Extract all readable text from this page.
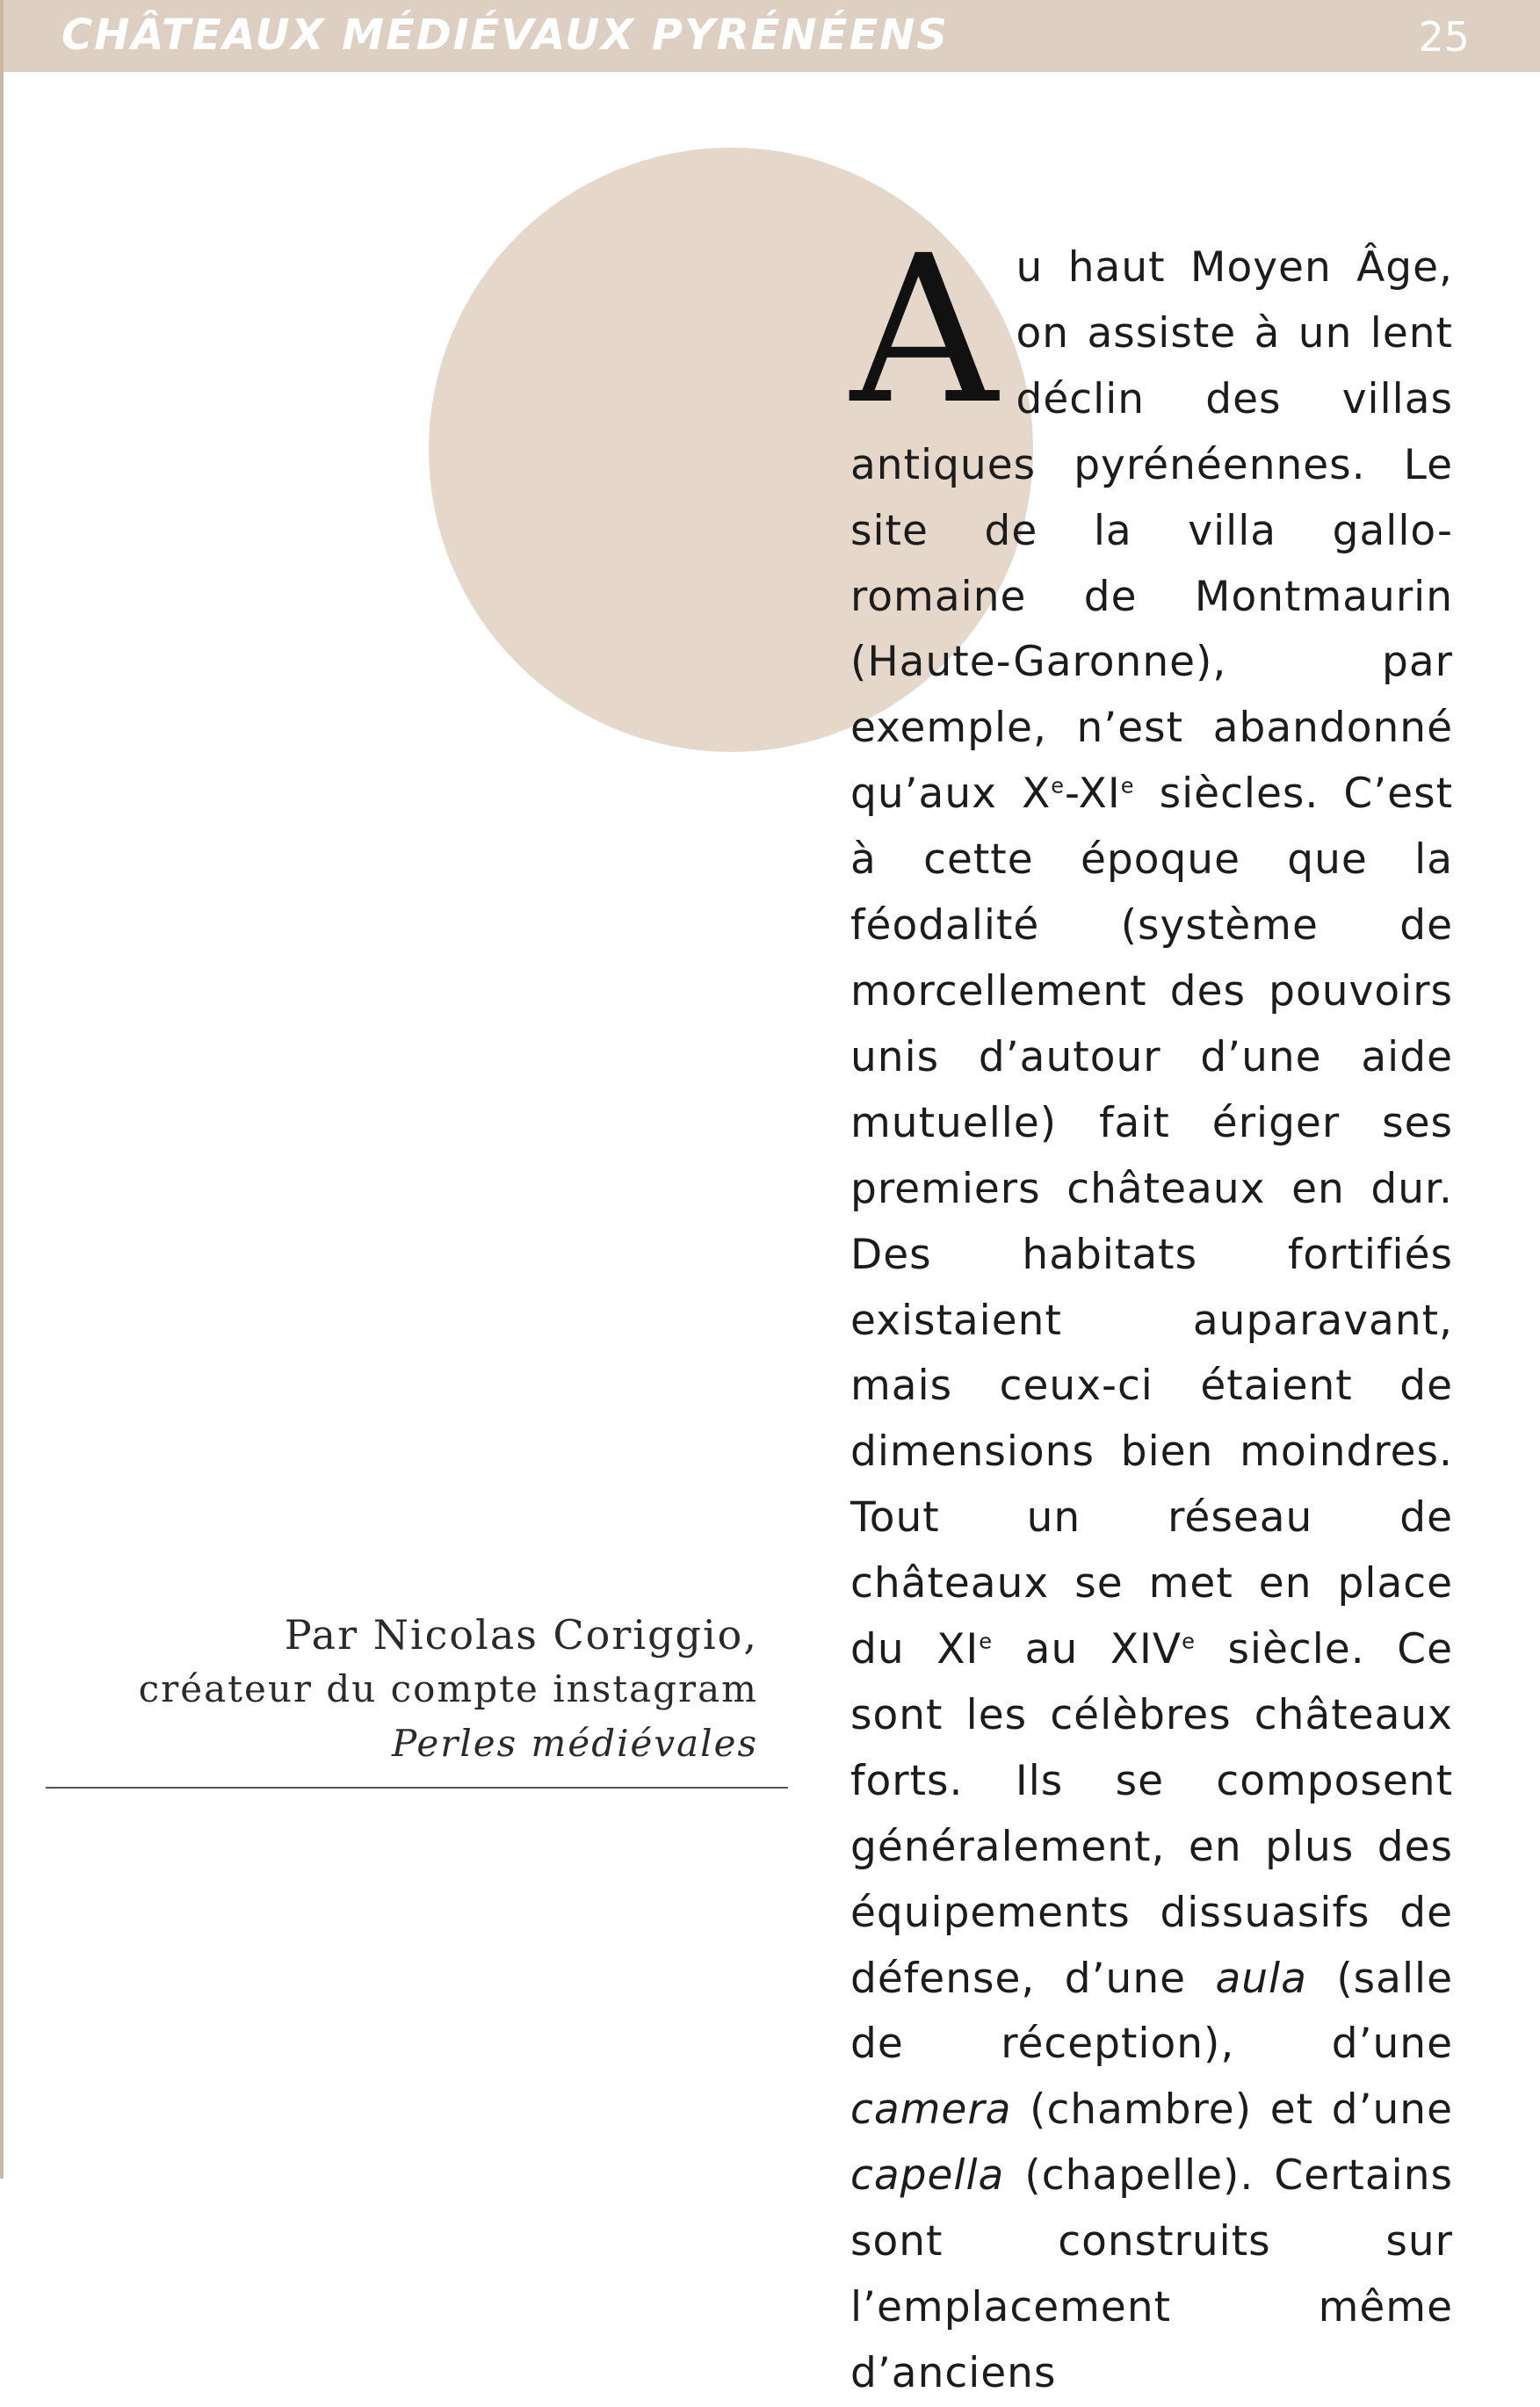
CHÂTEAUX MÉDIÉVAUX PYRÉNÉENS	25
Au haut Moyen Âge, on assiste à un lent déclin des villas antiques pyrénéennes. Le site de la villa gallo-romaine de Montmaurin (Haute-Garonne), par exemple, n’est abandonné qu’aux Xe-XIe siècles. C’est à cette époque que la féodalité (système de morcellement des pouvoirs unis d’autour d’une aide mutuelle) fait ériger ses premiers châteaux en dur. Des habitats fortifiés existaient auparavant, mais ceux-ci étaient de dimensions bien moindres. Tout un réseau de châteaux se met en place du XIe au XIVe siècle. Ce sont les célèbres châteaux forts. Ils se composent généralement, en plus des équipements dissuasifs de défense, d’une aula (salle de réception), d’une camera (chambre) et d’une capella (chapelle). Certains sont construits sur l’emplacement même d’anciens
Par Nicolas Coriggio,
créateur du compte instagram
Perles médiévales
